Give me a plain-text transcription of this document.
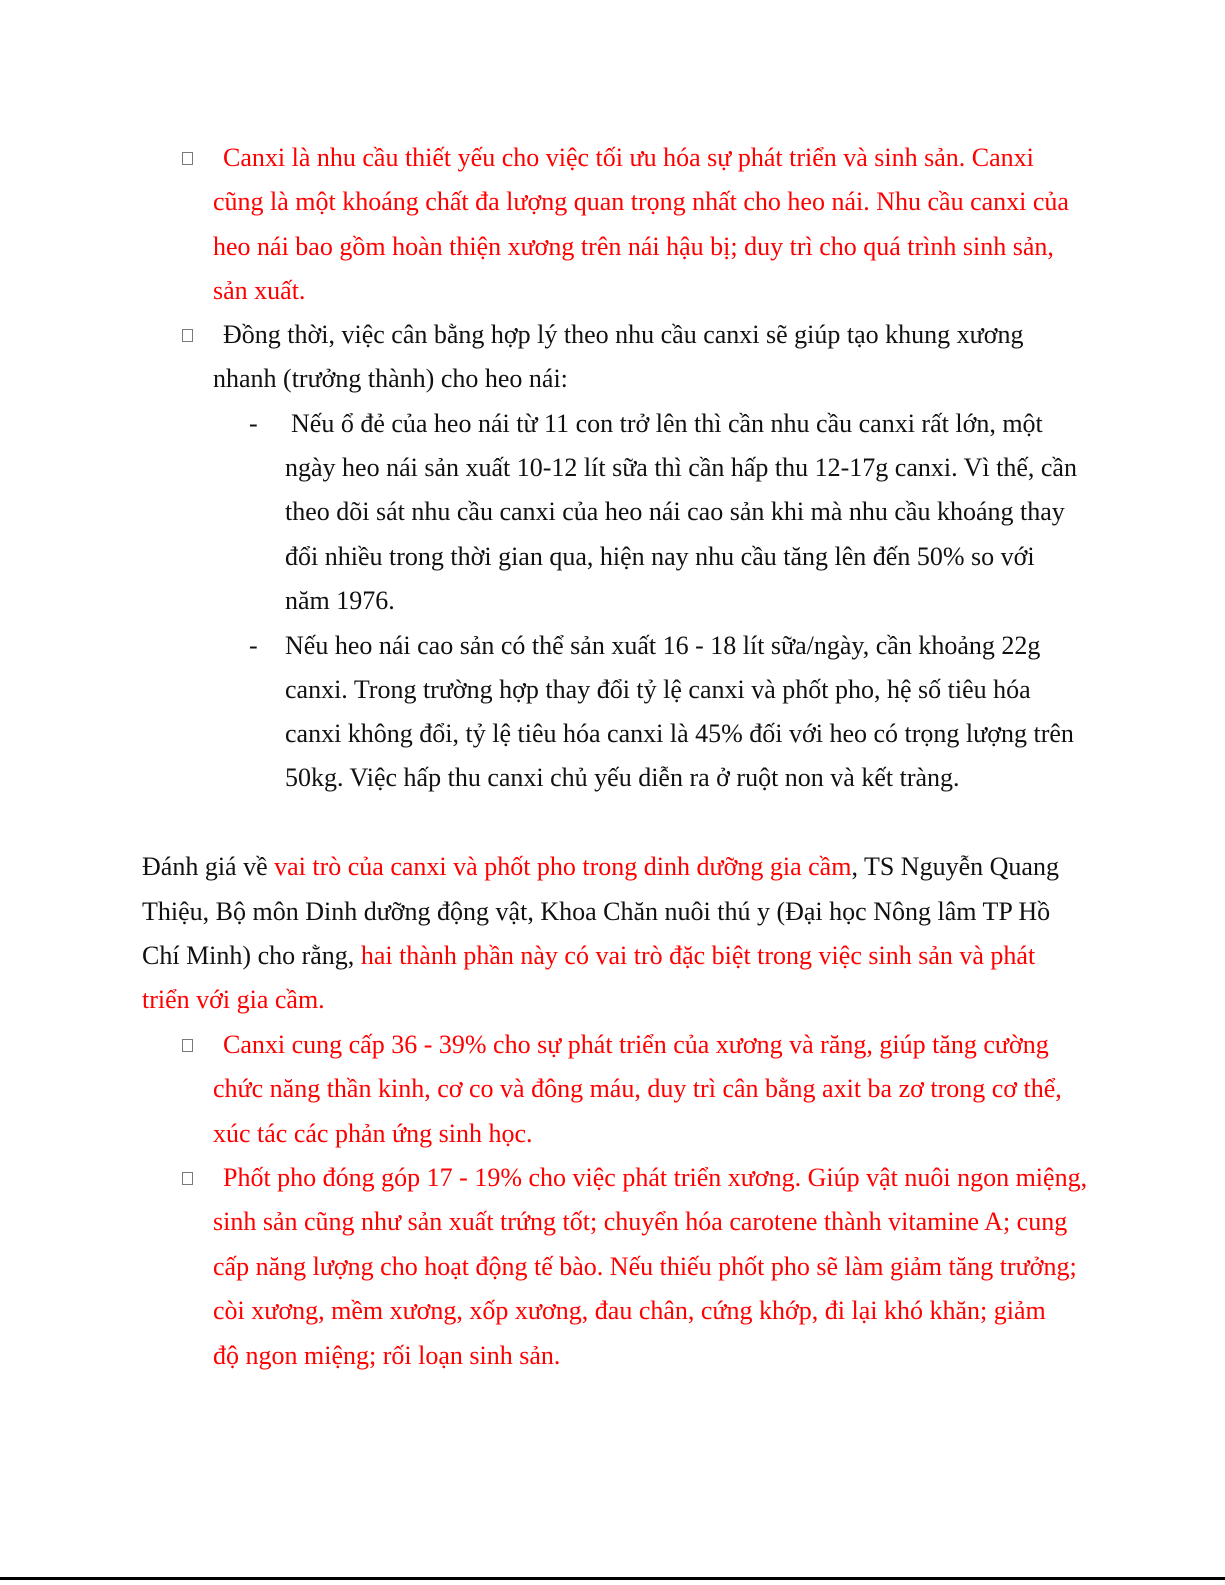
Canxi là nhu cầu thiết yếu cho việc tối ưu hóa sự phát triển và sinh sản. Canxi
cũng là một khoáng chất đa lượng quan trọng nhất cho heo nái. Nhu cầu canxi của
heo nái bao gồm hoàn thiện xương trên nái hậu bị; duy trì cho quá trình sinh sản,
sản xuất.
Đồng thời, việc cân bằng hợp lý theo nhu cầu canxi sẽ giúp tạo khung xương
nhanh (trưởng thành) cho heo nái:
- Nếu ổ đẻ của heo nái từ 11 con trở lên thì cần nhu cầu canxi rất lớn, một
ngày heo nái sản xuất 10-12 lít sữa thì cần hấp thu 12-17g canxi. Vì thế, cần
theo dõi sát nhu cầu canxi của heo nái cao sản khi mà nhu cầu khoáng thay
đổi nhiều trong thời gian qua, hiện nay nhu cầu tăng lên đến 50% so với
năm 1976.
- Nếu heo nái cao sản có thể sản xuất 16 - 18 lít sữa/ngày, cần khoảng 22g
canxi. Trong trường hợp thay đổi tỷ lệ canxi và phốt pho, hệ số tiêu hóa
canxi không đổi, tỷ lệ tiêu hóa canxi là 45% đối với heo có trọng lượng trên
50kg. Việc hấp thu canxi chủ yếu diễn ra ở ruột non và kết tràng.
Đánh giá về vai trò của canxi và phốt pho trong dinh dưỡng gia cầm, TS Nguyễn Quang
Thiệu, Bộ môn Dinh dưỡng động vật, Khoa Chăn nuôi thú y (Đại học Nông lâm TP Hồ
Chí Minh) cho rằng, hai thành phần này có vai trò đặc biệt trong việc sinh sản và phát
triển với gia cầm.
Canxi cung cấp 36 - 39% cho sự phát triển của xương và răng, giúp tăng cường
chức năng thần kinh, cơ co và đông máu, duy trì cân bằng axit ba zơ trong cơ thể,
xúc tác các phản ứng sinh học.
Phốt pho đóng góp 17 - 19% cho việc phát triển xương. Giúp vật nuôi ngon miệng,
sinh sản cũng như sản xuất trứng tốt; chuyển hóa carotene thành vitamine A; cung
cấp năng lượng cho hoạt động tế bào. Nếu thiếu phốt pho sẽ làm giảm tăng trưởng;
còi xương, mềm xương, xốp xương, đau chân, cứng khớp, đi lại khó khăn; giảm
độ ngon miệng; rối loạn sinh sản.
